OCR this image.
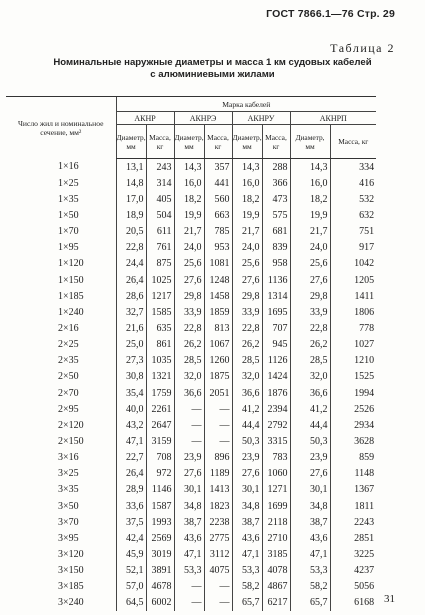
ГОСТ 7866.1—76 Стр. 29
Таблица 2
Номинальные наружные диаметры и масса 1 км судовых кабелей
с алюминиевыми жилами
Число жил и номинальное сечение, мм²	Марка кабелей							
	АКНР		АКНРЭ		АКНРУ		АКНРП	
	Диаметр, мм	Масса, кг	Диаметр, мм	Масса, кг	Диаметр, мм	Масса, кг	Диаметр, мм	Масса, кг
1×16	13,1	243	14,3	357	14,3	288	14,3	334
1×25	14,8	314	16,0	441	16,0	366	16,0	416
1×35	17,0	405	18,2	560	18,2	473	18,2	532
1×50	18,9	504	19,9	663	19,9	575	19,9	632
1×70	20,5	611	21,7	785	21,7	681	21,7	751
1×95	22,8	761	24,0	953	24,0	839	24,0	917
1×120	24,4	875	25,6	1081	25,6	958	25,6	1042
1×150	26,4	1025	27,6	1248	27,6	1136	27,6	1205
1×185	28,6	1217	29,8	1458	29,8	1314	29,8	1411
1×240	32,7	1585	33,9	1859	33,9	1695	33,9	1806
2×16	21,6	635	22,8	813	22,8	707	22,8	778
2×25	25,0	861	26,2	1067	26,2	945	26,2	1027
2×35	27,3	1035	28,5	1260	28,5	1126	28,5	1210
2×50	30,8	1321	32,0	1875	32,0	1424	32,0	1525
2×70	35,4	1759	36,6	2051	36,6	1876	36,6	1994
2×95	40,0	2261	—	—	41,2	2394	41,2	2526
2×120	43,2	2647	—	—	44,4	2792	44,4	2934
2×150	47,1	3159	—	—	50,3	3315	50,3	3628
3×16	22,7	708	23,9	896	23,9	783	23,9	859
3×25	26,4	972	27,6	1189	27,6	1060	27,6	1148
3×35	28,9	1146	30,1	1413	30,1	1271	30,1	1367
3×50	33,6	1587	34,8	1823	34,8	1699	34,8	1811
3×70	37,5	1993	38,7	2238	38,7	2118	38,7	2243
3×95	42,4	2569	43,6	2775	43,6	2710	43,6	2851
3×120	45,9	3019	47,1	3112	47,1	3185	47,1	3225
3×150	52,1	3891	53,3	4075	53,3	4078	53,3	4237
3×185	57,0	4678	—	—	58,2	4867	58,2	5056
3×240	64,5	6002	—	—	65,7	6217	65,7	6168 31
